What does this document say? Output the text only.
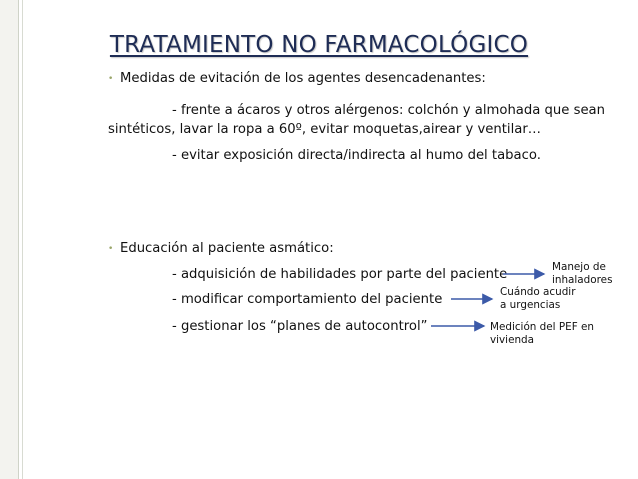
TRATAMIENTO NO FARMACOLÓGICO
• Medidas de evitación de los agentes desencadenantes:
- frente a ácaros y otros alérgenos: colchón y almohada que sean
sintéticos, lavar la ropa a 60º, evitar moquetas,airear y ventilar…
- evitar exposición directa/indirecta al humo del tabaco.
• Educación al paciente asmático:
- adquisición de habilidades por parte del paciente
- modificar comportamiento del paciente
- gestionar los “planes de autocontrol”
Manejo de
inhaladores
Cuándo acudir
a urgencias
Medición del PEF en
vivienda
